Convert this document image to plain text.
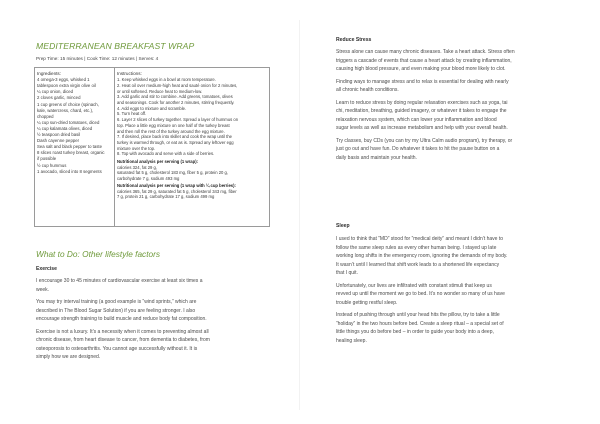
MEDITERRANEAN BREAKFAST WRAP
Prep Time: 15 minutes | Cook Time: 12 minutes | Serves: 4
Ingredients:
4 omega-3 eggs, whisked 1
tablespoon extra virgin olive oil
¼ cup onion, diced
2 cloves garlic, minced
1 cup greens of choice (spinach,
kale, watercress, chard, etc.),
chopped
¼ cup sun-dried tomatoes, diced
¼ cup kalamata olives, diced
½ teaspoon dried basil
Dash cayenne pepper
Sea salt and black pepper to taste
8 slices roast turkey breast, organic
if possible
½ cup hummus
1 avocado, sliced into 8 segments
Instructions:
1. Keep whisked eggs in a bowl at room temperature.
2. Heat oil over medium-high heat and sauté onion for 2 minutes,
or until softened. Reduce heat to medium-low.
3. Add garlic and stir to combine. Add greens, tomatoes, olives
and seasonings. Cook for another 2 minutes, stirring frequently.
4. Add eggs to mixture and scramble.
5. Turn heat off.
6. Layer 2 slices of turkey together. Spread a layer of hummus on
top. Place a little egg mixture on one half of the turkey breast
and then roll the rest of the turkey around the egg mixture.
7. If desired, place back into skillet and cook the wrap until the
turkey is warmed through, or eat as is. Spread any leftover egg
mixture over the top.
8. Top with avocado and serve with a side of berries.
Nutritional analysis per serving (1 wrap):
calories 324, fat 29 g,
saturated fat 5 g, cholesterol 183 mg, fiber 5 g, protein 20 g,
carbohydrate 7 g, sodium 493 mg
Nutritional analysis per serving (1 wrap with ¼ cup berries):
calories 365, fat 29 g, saturated fat 5 g, cholesterol 343 mg, fiber
7 g, protein 21 g, carbohydrate 17 g, sodium 499 mg
What to Do: Other lifestyle factors
Exercise
I encourage 30 to 45 minutes of cardiovascular exercise at least six times a
week.
You may try interval training (a good example is “wind sprints,” which are
described in The Blood Sugar Solution) if you are feeling stronger. I also
encourage strength training to build muscle and reduce body fat composition.
Exercise is not a luxury. It’s a necessity when it comes to preventing almost all
chronic disease, from heart disease to cancer, from dementia to diabetes, from
osteoporosis to osteoarthritis. You cannot age successfully without it. It is
simply how we are designed.
Reduce Stress
Stress alone can cause many chronic diseases. Take a heart attack. Stress often
triggers a cascade of events that cause a heart attack by creating inflammation,
causing high blood pressure, and even making your blood more likely to clot.
Finding ways to manage stress and to relax is essential for dealing with nearly
all chronic health conditions.
Learn to reduce stress by doing regular relaxation exercises such as yoga, tai
chi, meditation, breathing, guided imagery, or whatever it takes to engage the
relaxation nervous system, which can lower your inflammation and blood
sugar levels as well as increase metabolism and help with your overall health.
Try classes, buy CDs (you can try my Ultra Calm audio program), try therapy, or
just go out and have fun. Do whatever it takes to hit the pause button on a
daily basis and maintain your health.
Sleep
I used to think that “MD” stood for “medical deity” and meant I didn’t have to
follow the same sleep rules as every other human being. I stayed up late
working long shifts in the emergency room, ignoring the demands of my body.
It wasn’t until I learned that shift work leads to a shortened life expectancy
that I quit.
Unfortunately, our lives are infiltrated with constant stimuli that keep us
revved up until the moment we go to bed. It’s no wonder so many of us have
trouble getting restful sleep.
Instead of pushing through until your head hits the pillow, try to take a little
“holiday” in the two hours before bed. Create a sleep ritual – a special set of
little things you do before bed – in order to guide your body into a deep,
healing sleep.
